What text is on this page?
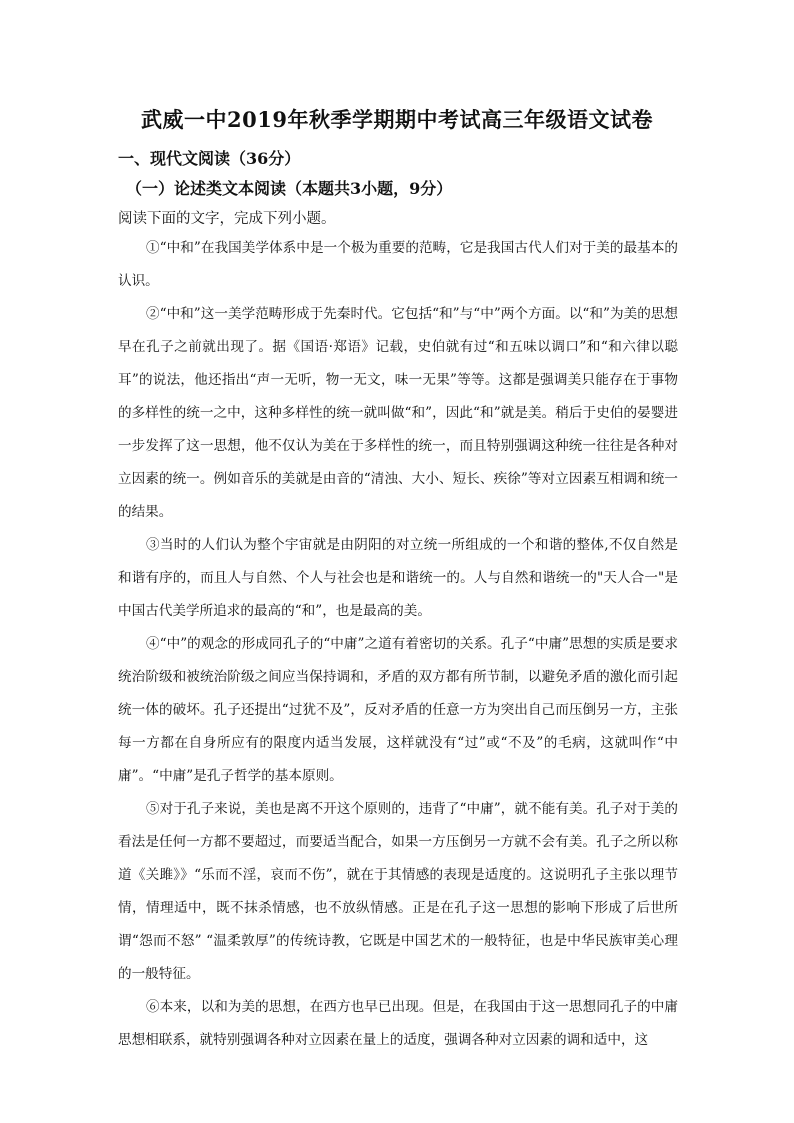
武威一中2019年秋季学期期中考试高三年级语文试卷
一、现代文阅读（36分）
（一）论述类文本阅读（本题共3小题，9分）
阅读下面的文字，完成下列小题。

①“中和”在我国美学体系中是一个极为重要的范畴，它是我国古代人们对于美的最基本的认识。

②“中和”这一美学范畴形成于先秦时代。它包括“和”与“中”两个方面。以“和”为美的思想早在孔子之前就出现了。据《国语·郑语》记载，史伯就有过“和五味以调口”和“和六律以聪耳”的说法，他还指出“声一无听，物一无文，味一无果”等等。这都是强调美只能存在于事物的多样性的统一之中，这种多样性的统一就叫做“和”，因此“和”就是美。稍后于史伯的晏婴进一步发挥了这一思想，他不仅认为美在于多样性的统一，而且特别强调这种统一往往是各种对立因素的统一。例如音乐的美就是由音的“清浊、大小、短长、疾徐”等对立因素互相调和统一的结果。

③当时的人们认为整个宇宙就是由阴阳的对立统一所组成的一个和谐的整体,不仅自然是和谐有序的，而且人与自然、个人与社会也是和谐统一的。人与自然和谐统一的"天人合一"是中国古代美学所追求的最高的“和”，也是最高的美。

④“中”的观念的形成同孔子的“中庸”之道有着密切的关系。孔子“中庸”思想的实质是要求统治阶级和被统治阶级之间应当保持调和，矛盾的双方都有所节制，以避免矛盾的激化而引起统一体的破坏。孔子还提出“过犹不及”，反对矛盾的任意一方为突出自己而压倒另一方，主张每一方都在自身所应有的限度内适当发展，这样就没有“过”或“不及”的毛病，这就叫作“中庸”。“中庸”是孔子哲学的基本原则。

⑤对于孔子来说，美也是离不开这个原则的，违背了“中庸”，就不能有美。孔子对于美的看法是任何一方都不要超过，而要适当配合，如果一方压倒另一方就不会有美。孔子之所以称道《关雎》》“乐而不淫，哀而不伤”，就在于其情感的表现是适度的。这说明孔子主张以理节情，情理适中，既不抹杀情感，也不放纵情感。正是在孔子这一思想的影响下形成了后世所谓“怨而不怒” “温柔敦厚”的传统诗教，它既是中国艺术的一般特征，也是中华民族审美心理的一般特征。

⑥本来，以和为美的思想，在西方也早已出现。但是，在我国由于这一思想同孔子的中庸思想相联系，就特别强调各种对立因素在量上的适度，强调各种对立因素的调和适中，这
